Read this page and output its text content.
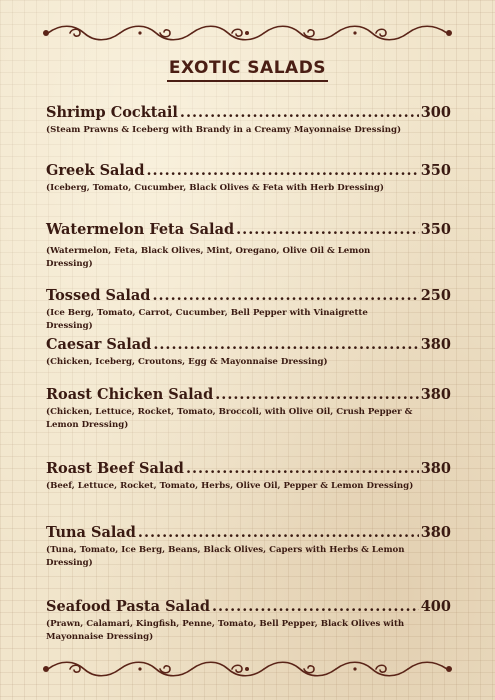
EXOTIC SALADS
Shrimp Cocktail .....	300
(Steam Prawns & Iceberg with Brandy in a Creamy Mayonnaise Dressing)
Greek Salad .....	350
(Iceberg, Tomato, Cucumber, Black Olives & Feta with Herb Dressing)
Watermelon Feta Salad .....	350
(Watermelon, Feta, Black Olives, Mint, Oregano, Olive Oil & Lemon Dressing)
Tossed Salad .....	250
(Ice Berg, Tomato, Carrot, Cucumber, Bell Pepper with Vinaigrette Dressing)
Caesar Salad .....	380
(Chicken, Iceberg, Croutons, Egg & Mayonnaise Dressing)
Roast Chicken Salad .....	380
(Chicken, Lettuce, Rocket, Tomato, Broccoli, with Olive Oil, Crush Pepper & Lemon Dressing)
Roast Beef Salad .....	380
(Beef, Lettuce, Rocket, Tomato, Herbs, Olive Oil, Pepper & Lemon Dressing)
Tuna Salad .....	380
(Tuna, Tomato, Ice Berg, Beans, Black Olives, Capers with Herbs & Lemon Dressing)
Seafood Pasta Salad .....	400
(Prawn, Calamari, Kingfish, Penne, Tomato, Bell Pepper, Black Olives with Mayonnaise Dressing)
